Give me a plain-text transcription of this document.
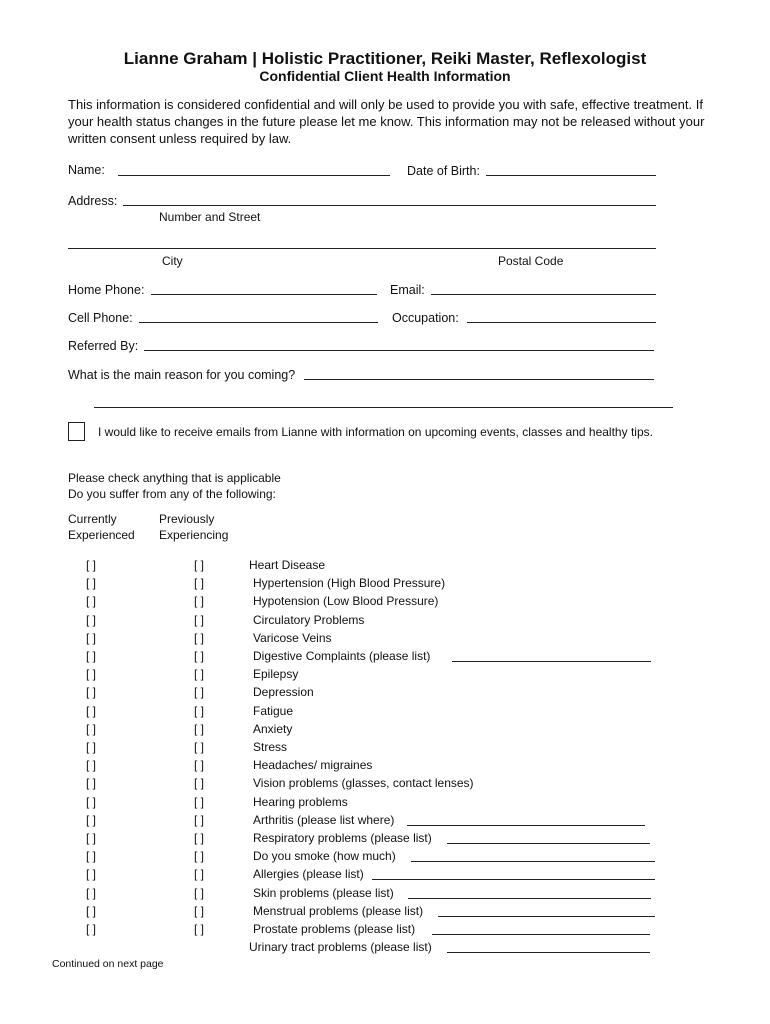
Lianne Graham | Holistic Practitioner, Reiki Master, Reflexologist
Confidential Client Health Information
This information is considered confidential and will only be used to provide you with safe, effective treatment. If your health status changes in the future please let me know. This information may not be released without your written consent unless required by law.
Name:	Date of Birth:
Address:
Number and Street
City	Postal Code
Home Phone:	Email:
Cell Phone:	Occupation:
Referred By:
What is the main reason for you coming?
I would like to receive emails from Lianne with information on upcoming events, classes and healthy tips.
Please check anything that is applicable
Do you suffer from any of the following:
Currently
Experienced
Previously
Experiencing
[ ]	[ ]	Heart Disease
[ ]	[ ]	Hypertension (High Blood Pressure)
[ ]	[ ]	Hypotension (Low Blood Pressure)
[ ]	[ ]	Circulatory Problems
[ ]	[ ]	Varicose Veins
[ ]	[ ]	Digestive Complaints (please list)
[ ]	[ ]	Epilepsy
[ ]	[ ]	Depression
[ ]	[ ]	Fatigue
[ ]	[ ]	Anxiety
[ ]	[ ]	Stress
[ ]	[ ]	Headaches/ migraines
[ ]	[ ]	Vision problems (glasses, contact lenses)
[ ]	[ ]	Hearing problems
[ ]	[ ]	Arthritis (please list where)
[ ]	[ ]	Respiratory problems (please list)
[ ]	[ ]	Do you smoke (how much)
[ ]	[ ]	Allergies (please list)
[ ]	[ ]	Skin problems (please list)
[ ]	[ ]	Menstrual problems (please list)
[ ]	[ ]	Prostate problems (please list)
Urinary tract problems (please list)
Continued on next page
